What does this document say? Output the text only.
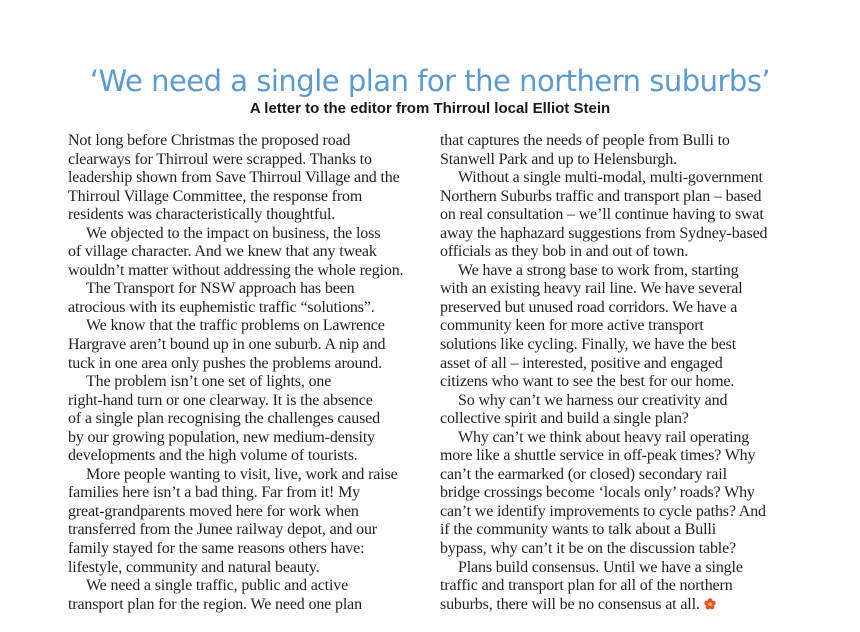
‘We need a single plan for the northern suburbs’
A letter to the editor from Thirroul local Elliot Stein
Not long before Christmas the proposed road
clearways for Thirroul were scrapped. Thanks to
leadership shown from Save Thirroul Village and the
Thirroul Village Committee, the response from
residents was characteristically thoughtful.
We objected to the impact on business, the loss
of village character. And we knew that any tweak
wouldn’t matter without addressing the whole region.
The Transport for NSW approach has been
atrocious with its euphemistic traffic “solutions”.
We know that the traffic problems on Lawrence
Hargrave aren’t bound up in one suburb. A nip and
tuck in one area only pushes the problems around.
The problem isn’t one set of lights, one
right-hand turn or one clearway. It is the absence
of a single plan recognising the challenges caused
by our growing population, new medium-density
developments and the high volume of tourists.
More people wanting to visit, live, work and raise
families here isn’t a bad thing. Far from it! My
great-grandparents moved here for work when
transferred from the Junee railway depot, and our
family stayed for the same reasons others have:
lifestyle, community and natural beauty.
We need a single traffic, public and active
transport plan for the region. We need one plan
that captures the needs of people from Bulli to
Stanwell Park and up to Helensburgh.
Without a single multi-modal, multi-government
Northern Suburbs traffic and transport plan – based
on real consultation – we’ll continue having to swat
away the haphazard suggestions from Sydney-based
officials as they bob in and out of town.
We have a strong base to work from, starting
with an existing heavy rail line. We have several
preserved but unused road corridors. We have a
community keen for more active transport
solutions like cycling. Finally, we have the best
asset of all – interested, positive and engaged
citizens who want to see the best for our home.
So why can’t we harness our creativity and
collective spirit and build a single plan?
Why can’t we think about heavy rail operating
more like a shuttle service in off-peak times? Why
can’t the earmarked (or closed) secondary rail
bridge crossings become ‘locals only’ roads? Why
can’t we identify improvements to cycle paths? And
if the community wants to talk about a Bulli
bypass, why can’t it be on the discussion table?
Plans build consensus. Until we have a single
traffic and transport plan for all of the northern
suburbs, there will be no consensus at all.
